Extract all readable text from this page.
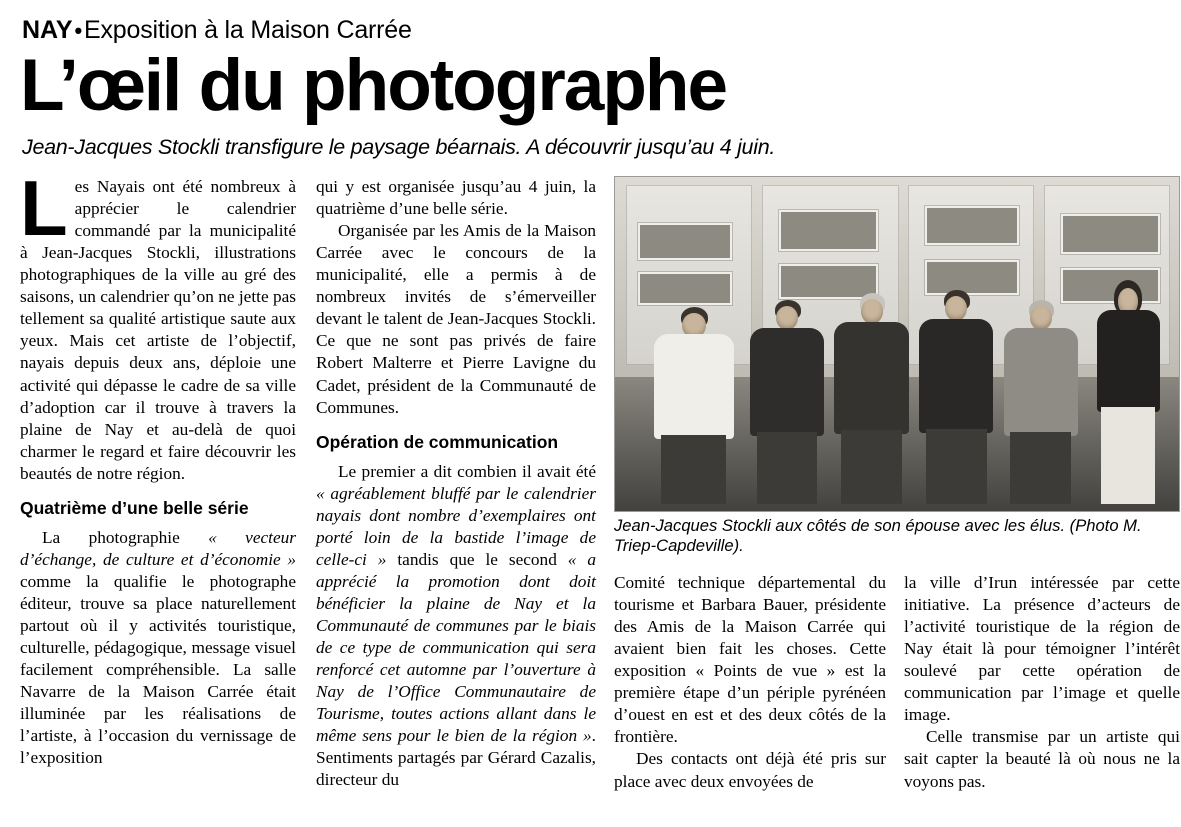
NAY•Exposition à la Maison Carrée
L’œil du photographe
Jean-Jacques Stockli transfigure le paysage béarnais. A découvrir jusqu’au 4 juin.

Les Nayais ont été nombreux à apprécier le calendrier commandé par la municipalité à Jean-Jacques Stockli, illustrations photographiques de la ville au gré des saisons, un calendrier qu’on ne jette pas tellement sa qualité artistique saute aux yeux. Mais cet artiste de l’objectif, nayais depuis deux ans, déploie une activité qui dépasse le cadre de sa ville d’adoption car il trouve à travers la plaine de Nay et au-delà de quoi charmer le regard et faire découvrir les beautés de notre région.

Quatrième d’une belle série

La photographie « vecteur d’échange, de culture et d’économie » comme la qualifie le photographe éditeur, trouve sa place naturellement partout où il y activités touristique, culturelle, pédagogique, message visuel facilement compréhensible. La salle Navarre de la Maison Carrée était illuminée par les réalisations de l’artiste, à l’occasion du vernissage de l’exposition

qui y est organisée jusqu’au 4 juin, la quatrième d’une belle série.

Organisée par les Amis de la Maison Carrée avec le concours de la municipalité, elle a permis à de nombreux invités de s’émerveiller devant le talent de Jean-Jacques Stockli. Ce que ne sont pas privés de faire Robert Malterre et Pierre Lavigne du Cadet, président de la Communauté de Communes.

Opération de communication

Le premier a dit combien il avait été « agréablement bluffé par le calendrier nayais dont nombre d’exemplaires ont porté loin de la bastide l’image de celle-ci » tandis que le second « a apprécié la promotion dont doit bénéficier la plaine de Nay et la Communauté de communes par le biais de ce type de communication qui sera renforcé cet automne par l’ouverture à Nay de l’Office Communautaire de Tourisme, toutes actions allant dans le même sens pour le bien de la région ». Sentiments partagés par Gérard Cazalis, directeur du

Jean-Jacques Stockli aux côtés de son épouse avec les élus. (Photo M. Triep-Capdeville).

Comité technique départemental du tourisme et Barbara Bauer, présidente des Amis de la Maison Carrée qui avaient bien fait les choses. Cette exposition « Points de vue » est la première étape d’un périple pyrénéen d’ouest en est et des deux côtés de la frontière.

Des contacts ont déjà été pris sur place avec deux envoyées de

la ville d’Irun intéressée par cette initiative. La présence d’acteurs de l’activité touristique de la région de Nay était là pour témoigner l’intérêt soulevé par cette opération de communication par l’image et quelle image.

Celle transmise par un artiste qui sait capter la beauté là où nous ne la voyons pas.
